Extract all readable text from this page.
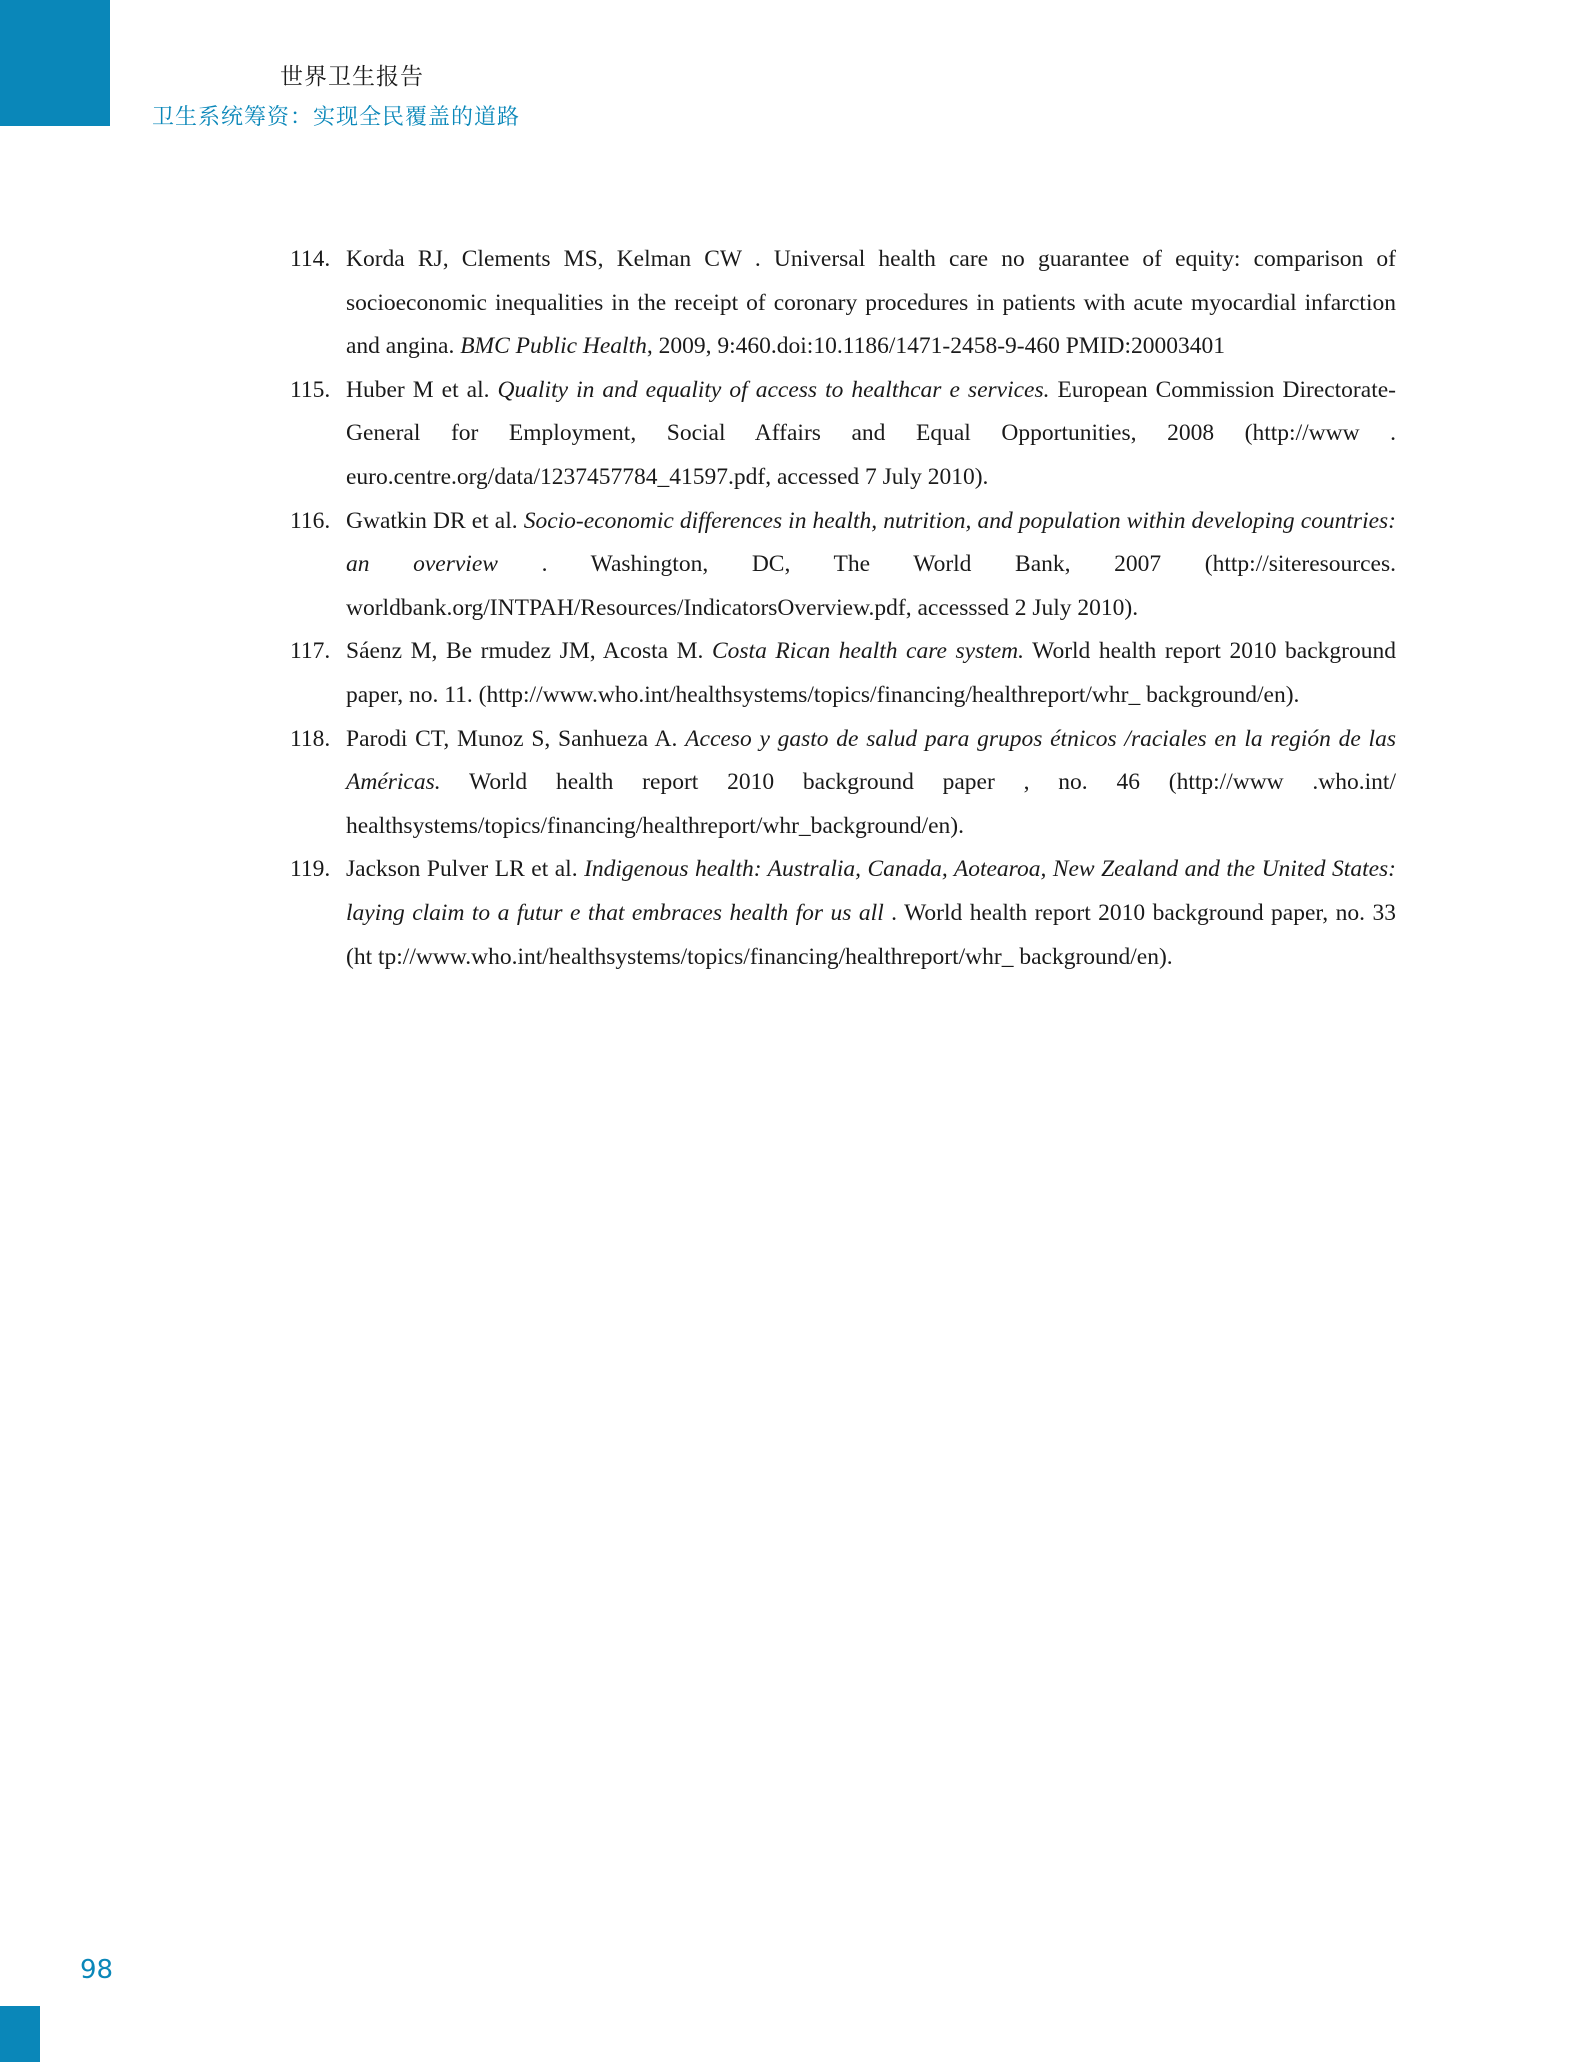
世界卫生报告
卫生系统筹资：实现全民覆盖的道路
114. Korda RJ, Clements MS, Kelman CW . Universal health care no guarantee of equity: comparison of socioeconomic inequalities in the receipt of coronary procedures in patients with acute myocardial infarction and angina. BMC Public Health, 2009, 9:460.doi:10.1186/1471-2458-9-460 PMID:20003401
115. Huber M et al. Quality in and equality of access to healthcar e services. European Commission Directorate-General for Employment, Social Affairs and Equal Opportunities, 2008 (http://www . euro.centre.org/data/1237457784_41597.pdf, accessed 7 July 2010).
116. Gwatkin DR et al. Socio-economic differences in health, nutrition, and population within developing countries: an overview . Washington, DC, The World Bank, 2007 (http://siteresources. worldbank.org/INTPAH/Resources/IndicatorsOverview.pdf, accesssed 2 July 2010).
117. Sáenz M, Be rmudez JM, Acosta M. Costa Rican health care system. World health report 2010 background paper, no. 11. (http://www.who.int/healthsystems/topics/financing/healthreport/whr_ background/en).
118. Parodi CT, Munoz S, Sanhueza A. Acceso y gasto de salud para grupos étnicos /raciales en la región de las Américas. World health report 2010 background paper , no. 46 (http://www .who.int/ healthsystems/topics/financing/healthreport/whr_background/en).
119. Jackson Pulver LR et al. Indigenous health: Australia, Canada, Aotearoa, New Zealand and the United States: laying claim to a futur e that embraces health for us all . World health report 2010 background paper, no. 33 (ht tp://www.who.int/healthsystems/topics/financing/healthreport/whr_ background/en).
98
